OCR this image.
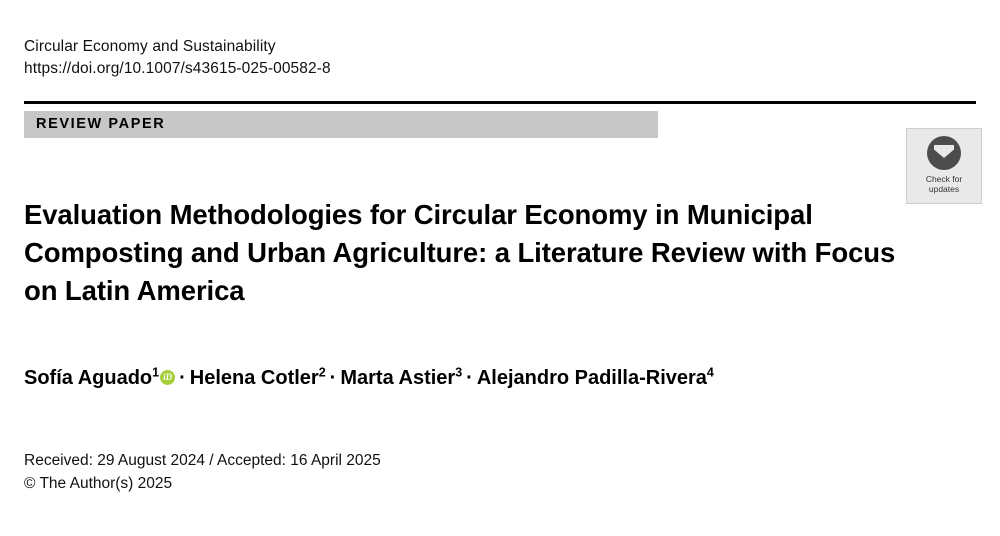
Circular Economy and Sustainability
https://doi.org/10.1007/s43615-025-00582-8
REVIEW PAPER
Check for
updates
Evaluation Methodologies for Circular Economy in Municipal Composting and Urban Agriculture: a Literature Review with Focus on Latin America
Sofía Aguado$^1$ iD · Helena Cotler$^2$ · Marta Astier$^3$ · Alejandro Padilla-Rivera$^4$
Received: 29 August 2024 / Accepted: 16 April 2025
© The Author(s) 2025
